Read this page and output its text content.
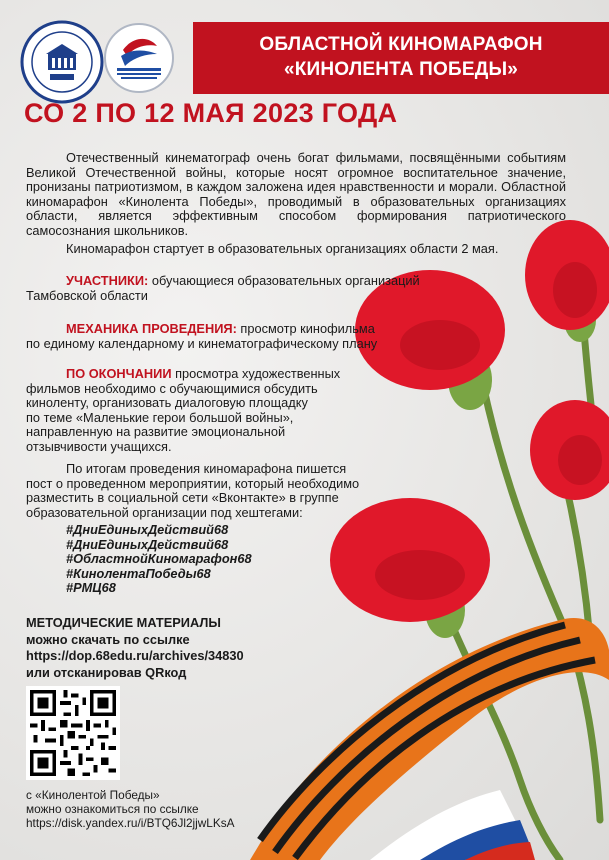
ОБЛАСТНОЙ КИНОМАРАФОН
«КИНОЛЕНТА ПОБЕДЫ»
СО 2 ПО 12 МАЯ 2023 ГОДА
Отечественный кинематограф очень богат фильмами, посвящёнными событиям Великой Отечественной войны, которые носят огромное воспитательное значение, пронизаны патриотизмом, в каждом заложена идея нравственности и морали. Областной киномарафон «Кинолента Победы», проводимый в образовательных организациях области, является эффективным способом формирования патриотического самосознания школьников.
Киномарафон стартует в образовательных организациях области 2 мая.
УЧАСТНИКИ: обучающиеся образовательных организаций
Тамбовской области
МЕХАНИКА ПРОВЕДЕНИЯ: просмотр кинофильма
по единому календарному и кинематографическому плану
ПО ОКОНЧАНИИ просмотра художественных
фильмов необходимо с обучающимися обсудить
киноленту, организовать диалоговую площадку
по теме «Маленькие герои большой войны»,
направленную на развитие эмоциональной
отзывчивости учащихся.
По итогам проведения киномарафона пишется
пост о проведенном мероприятии, который необходимо
разместить в социальной сети «Вконтакте» в группе
образовательной организации под хештегами:
#ДниЕдиныхДействий68
#ДниЕдиныхДействий68
#ОбластнойКиномарафон68
#КинолентаПобеды68
#РМЦ68
МЕТОДИЧЕСКИЕ МАТЕРИАЛЫ
можно скачать по ссылке
https://dop.68edu.ru/archives/34830
или отсканировав QRкод
с «Кинолентой Победы»
можно ознакомиться по ссылке
https://disk.yandex.ru/i/BTQ6Jl2jjwLKsA
